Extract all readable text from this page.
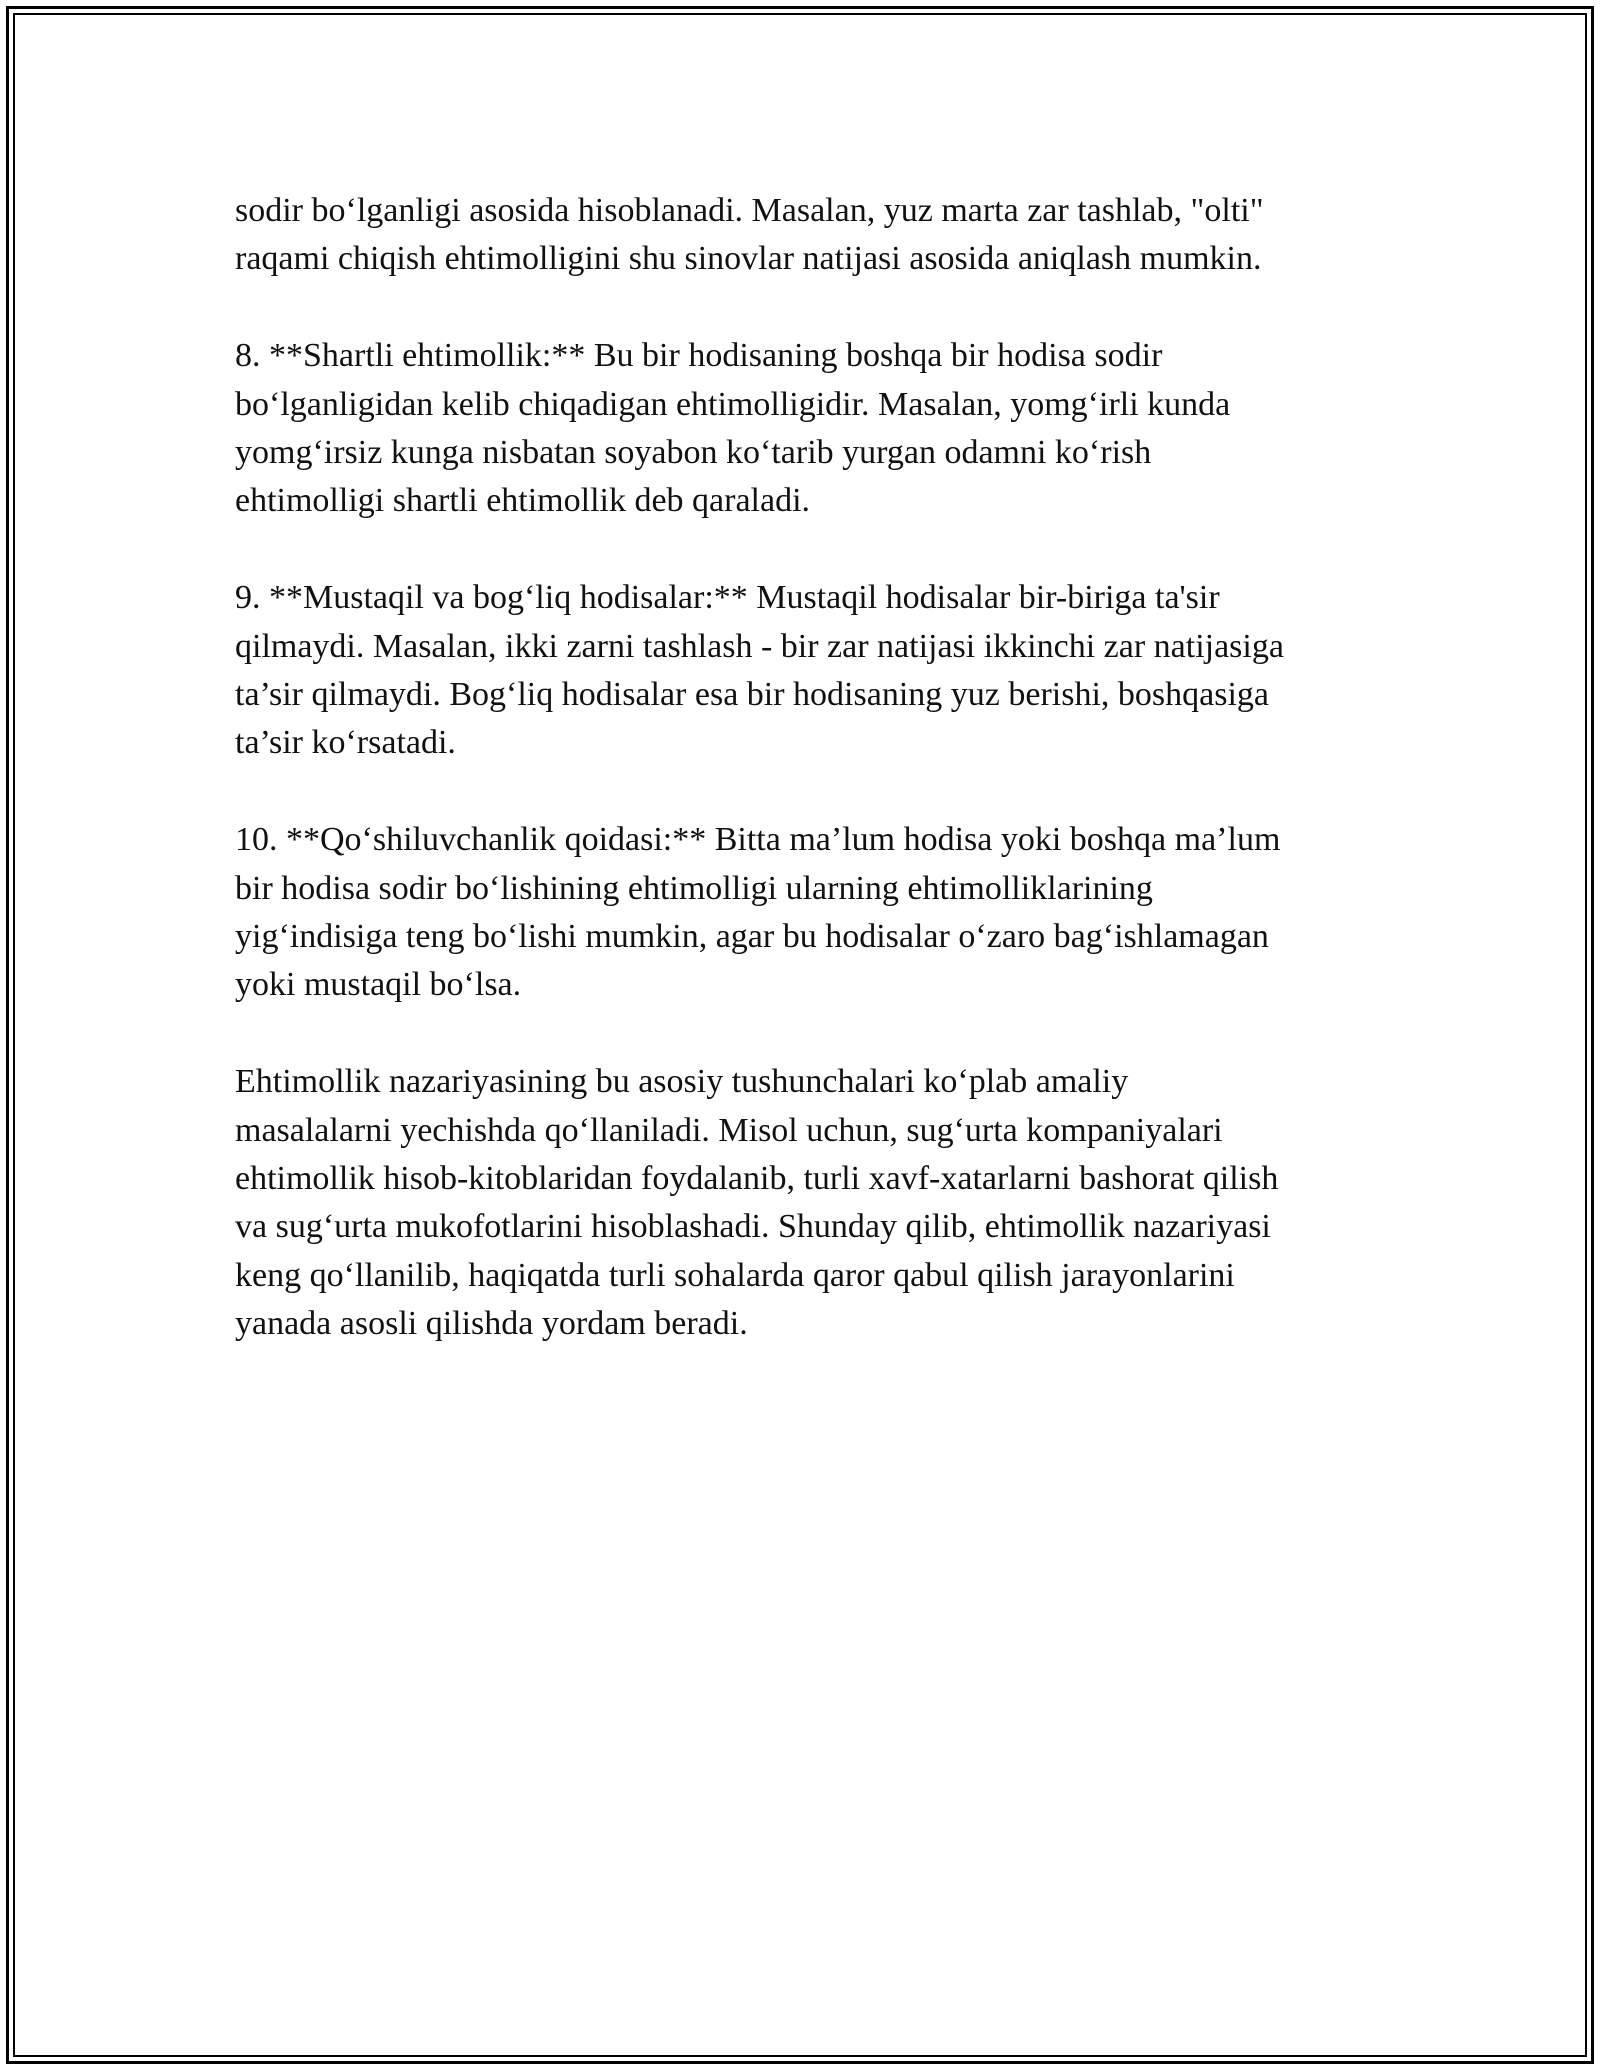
sodir bo‘lganligi asosida hisoblanadi. Masalan, yuz marta zar tashlab, "olti"
raqami chiqish ehtimolligini shu sinovlar natijasi asosida aniqlash mumkin.

8. **Shartli ehtimollik:** Bu bir hodisaning boshqa bir hodisa sodir
bo‘lganligidan kelib chiqadigan ehtimolligidir. Masalan, yomg‘irli kunda
yomg‘irsiz kunga nisbatan soyabon ko‘tarib yurgan odamni ko‘rish
ehtimolligi shartli ehtimollik deb qaraladi.

9. **Mustaqil va bog‘liq hodisalar:** Mustaqil hodisalar bir-biriga ta'sir
qilmaydi. Masalan, ikki zarni tashlash - bir zar natijasi ikkinchi zar natijasiga
ta’sir qilmaydi. Bog‘liq hodisalar esa bir hodisaning yuz berishi, boshqasiga
ta’sir ko‘rsatadi.

10. **Qo‘shiluvchanlik qoidasi:** Bitta ma’lum hodisa yoki boshqa ma’lum
bir hodisa sodir bo‘lishining ehtimolligi ularning ehtimolliklarining
yig‘indisiga teng bo‘lishi mumkin, agar bu hodisalar o‘zaro bag‘ishlamagan
yoki mustaqil bo‘lsa.

Ehtimollik nazariyasining bu asosiy tushunchalari ko‘plab amaliy
masalalarni yechishda qo‘llaniladi. Misol uchun, sug‘urta kompaniyalari
ehtimollik hisob-kitoblaridan foydalanib, turli xavf-xatarlarni bashorat qilish
va sug‘urta mukofotlarini hisoblashadi. Shunday qilib, ehtimollik nazariyasi
keng qo‘llanilib, haqiqatda turli sohalarda qaror qabul qilish jarayonlarini
yanada asosli qilishda yordam beradi.
